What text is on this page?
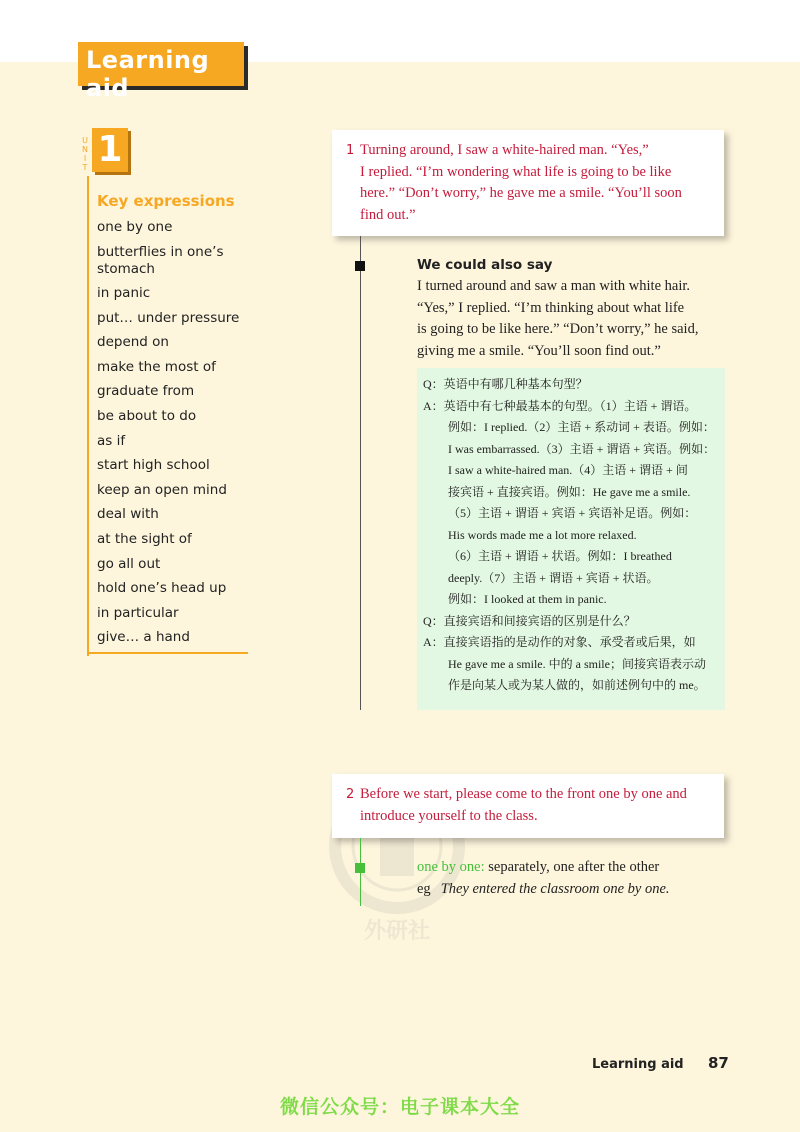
Learning aid
U
N
I
T 1
Key expressions
one by one
butterflies in one’s stomach
in panic
put… under pressure
depend on
make the most of
graduate from
be about to do
as if
start high school
keep an open mind
deal with
at the sight of
go all out
hold one’s head up
in particular
give… a hand
1 Turning around, I saw a white-haired man. “Yes,”
I replied. “I’m wondering what life is going to be like
here.” “Don’t worry,” he gave me a smile. “You’ll soon
find out.”
We could also say
I turned around and saw a man with white hair.
“Yes,” I replied. “I’m thinking about what life
is going to be like here.” “Don’t worry,” he said,
giving me a smile. “You’ll soon find out.”
Q：英语中有哪几种基本句型？
A：英语中有七种最基本的句型。（1）主语 + 谓语。
例如：I replied.（2）主语 + 系动词 + 表语。例如：
I was embarrassed.（3）主语 + 谓语 + 宾语。例如：
I saw a white-haired man.（4）主语 + 谓语 + 间
接宾语 + 直接宾语。例如：He gave me a smile.
（5）主语 + 谓语 + 宾语 + 宾语补足语。例如：
His words made me a lot more relaxed.
（6）主语 + 谓语 + 状语。例如：I breathed
deeply.（7）主语 + 谓语 + 宾语 + 状语。
例如：I looked at them in panic.
Q：直接宾语和间接宾语的区别是什么？
A：直接宾语指的是动作的对象、承受者或后果，如
He gave me a smile. 中的 a smile；间接宾语表示动
作是向某人或为某人做的，如前述例句中的 me。
外研社
2 Before we start, please come to the front one by one and
introduce yourself to the class.
one by one: separately, one after the other
eg They entered the classroom one by one.
Learning aid 87
微信公众号：电子课本大全
